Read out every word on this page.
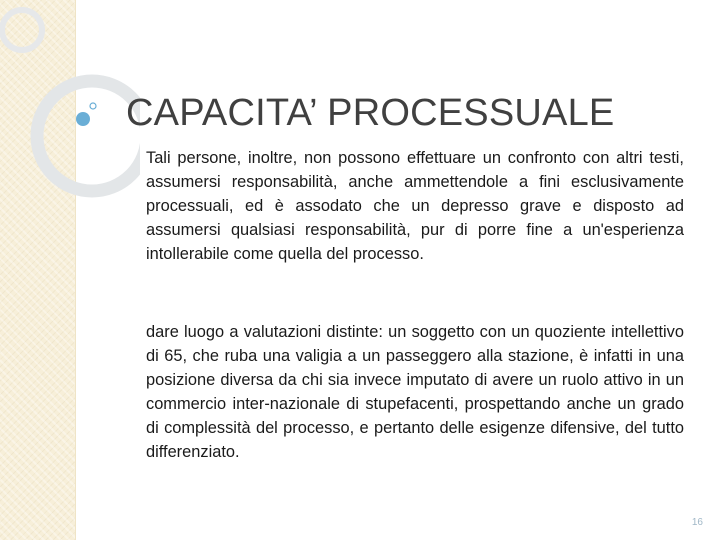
CAPACITA’ PROCESSUALE

Tali persone, inoltre, non possono effettuare un confronto con altri testi, assumersi responsabilità, anche ammettendole a fini esclusivamente processuali, ed è assodato che un depresso grave e disposto ad assumersi qualsiasi responsabilità, pur di porre fine a un'esperienza intollerabile come quella del processo.

dare luogo a valutazioni distinte: un soggetto con un quoziente intellettivo di 65, che ruba una valigia a un passeggero alla stazione, è infatti in una posizione diversa da chi sia invece imputato di avere un ruolo attivo in un commercio inter-nazionale di stupefacenti, prospettando anche un grado di complessità del processo, e pertanto delle esigenze difensive, del tutto differenziato.

16
